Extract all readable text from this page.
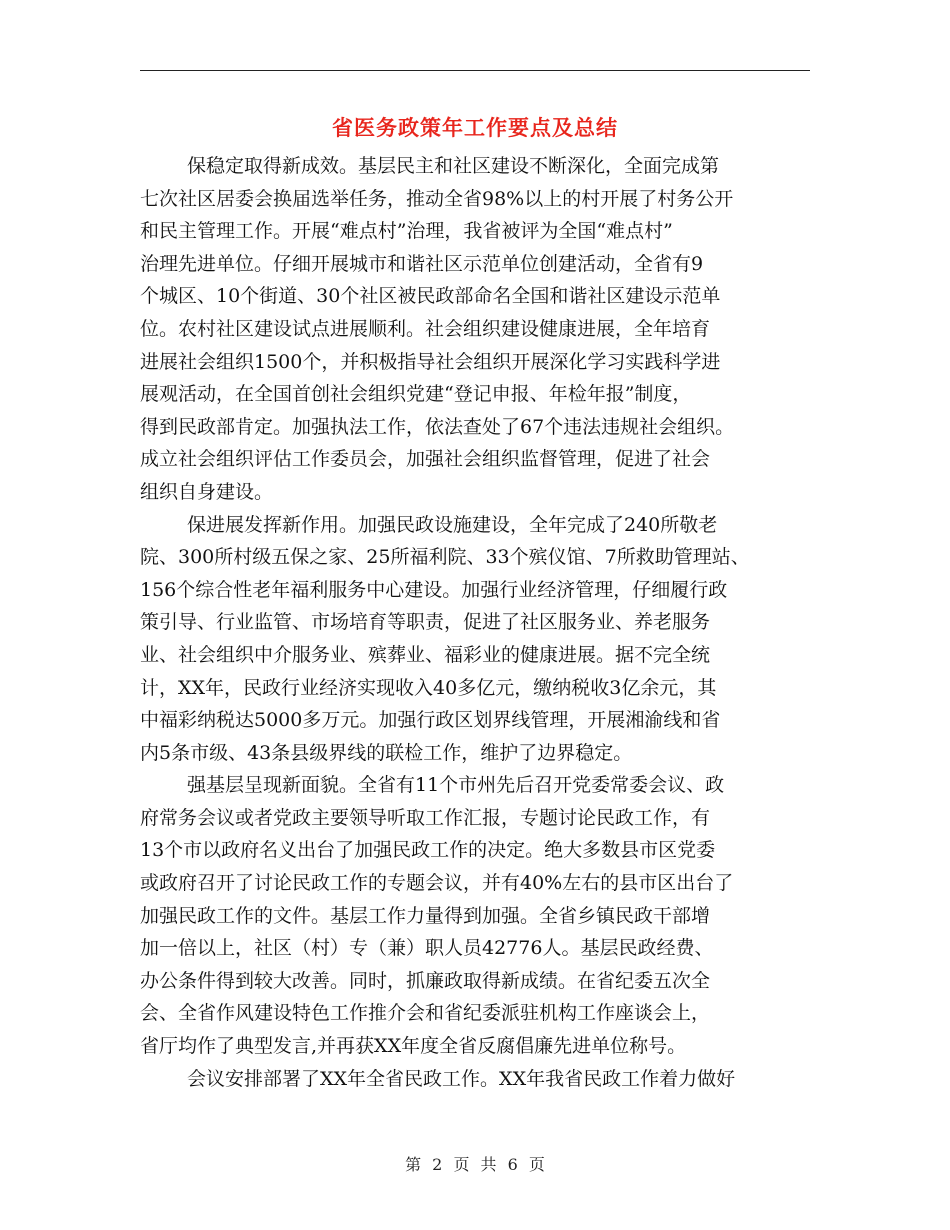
省医务政策年工作要点及总结
保稳定取得新成效。基层民主和社区建设不断深化，全面完成第
七次社区居委会换届选举任务，推动全省98%以上的村开展了村务公开
和民主管理工作。开展“难点村”治理，我省被评为全国“难点村”
治理先进单位。仔细开展城市和谐社区示范单位创建活动，全省有9
个城区、10个街道、30个社区被民政部命名全国和谐社区建设示范单
位。农村社区建设试点进展顺利。社会组织建设健康进展，全年培育
进展社会组织1500个，并积极指导社会组织开展深化学习实践科学进
展观活动，在全国首创社会组织党建“登记申报、年检年报”制度，
得到民政部肯定。加强执法工作，依法查处了67个违法违规社会组织。
成立社会组织评估工作委员会，加强社会组织监督管理，促进了社会
组织自身建设。
保进展发挥新作用。加强民政设施建设，全年完成了240所敬老
院、300所村级五保之家、25所福利院、33个殡仪馆、7所救助管理站、
156个综合性老年福利服务中心建设。加强行业经济管理，仔细履行政
策引导、行业监管、市场培育等职责，促进了社区服务业、养老服务
业、社会组织中介服务业、殡葬业、福彩业的健康进展。据不完全统
计，XX年，民政行业经济实现收入40多亿元，缴纳税收3亿余元，其
中福彩纳税达5000多万元。加强行政区划界线管理，开展湘渝线和省
内5条市级、43条县级界线的联检工作，维护了边界稳定。
强基层呈现新面貌。全省有11个市州先后召开党委常委会议、政
府常务会议或者党政主要领导听取工作汇报，专题讨论民政工作，有
13个市以政府名义出台了加强民政工作的决定。绝大多数县市区党委
或政府召开了讨论民政工作的专题会议，并有40%左右的县市区出台了
加强民政工作的文件。基层工作力量得到加强。全省乡镇民政干部增
加一倍以上，社区（村）专（兼）职人员42776人。基层民政经费、
办公条件得到较大改善。同时，抓廉政取得新成绩。在省纪委五次全
会、全省作风建设特色工作推介会和省纪委派驻机构工作座谈会上，
省厅均作了典型发言,并再获XX年度全省反腐倡廉先进单位称号。
会议安排部署了XX年全省民政工作。XX年我省民政工作着力做好
第 2 页 共 6 页
